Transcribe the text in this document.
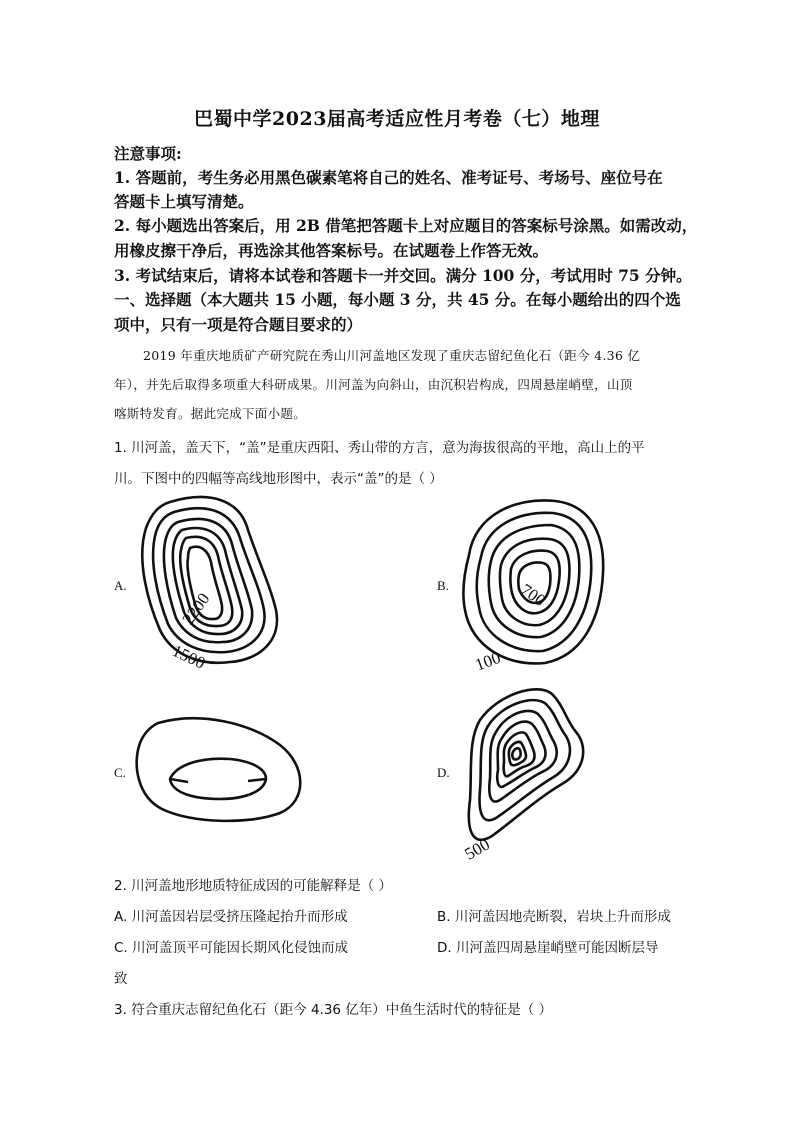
巴蜀中学2023届高考适应性月考卷（七）地理
注意事项:
1. 答题前，考生务必用黑色碳素笔将自己的姓名、准考证号、考场号、座位号在
答题卡上填写清楚。
2. 每小题选出答案后，用 2B 借笔把答题卡上对应题目的答案标号涂黑。如需改动，
用橡皮擦干净后，再选涂其他答案标号。在试题卷上作答无效。
3. 考试结束后，请将本试卷和答题卡一并交回。满分 100 分，考试用时 75 分钟。
一、选择题（本大题共 15 小题，每小题 3 分，共 45 分。在每小题给出的四个选
项中，只有一项是符合题目要求的）
2019 年重庆地质矿产研究院在秀山川河盖地区发现了重庆志留纪鱼化石（距今 4.36 亿
年），并先后取得多项重大科研成果。川河盖为向斜山，由沉积岩构成，四周悬崖峭壁，山顶
喀斯特发育。据此完成下面小题。
1. 川河盖，盖天下，“盖”是重庆西阳、秀山带的方言，意为海拔很高的平地，高山上的平
川。下图中的四幅等高线地形图中，表示“盖”的是（ ）
A.
2200
1500
B.	700
100
C.	D.
500
2. 川河盖地形地质特征成因的可能解释是（ ）
A. 川河盖因岩层受挤压隆起抬升而形成	B. 川河盖因地壳断裂，岩块上升而形成
C. 川河盖顶平可能因长期风化侵蚀而成	D. 川河盖四周悬崖峭壁可能因断层导
致
3. 符合重庆志留纪鱼化石（距今 4.36 亿年）中鱼生活时代的特征是（ ）
